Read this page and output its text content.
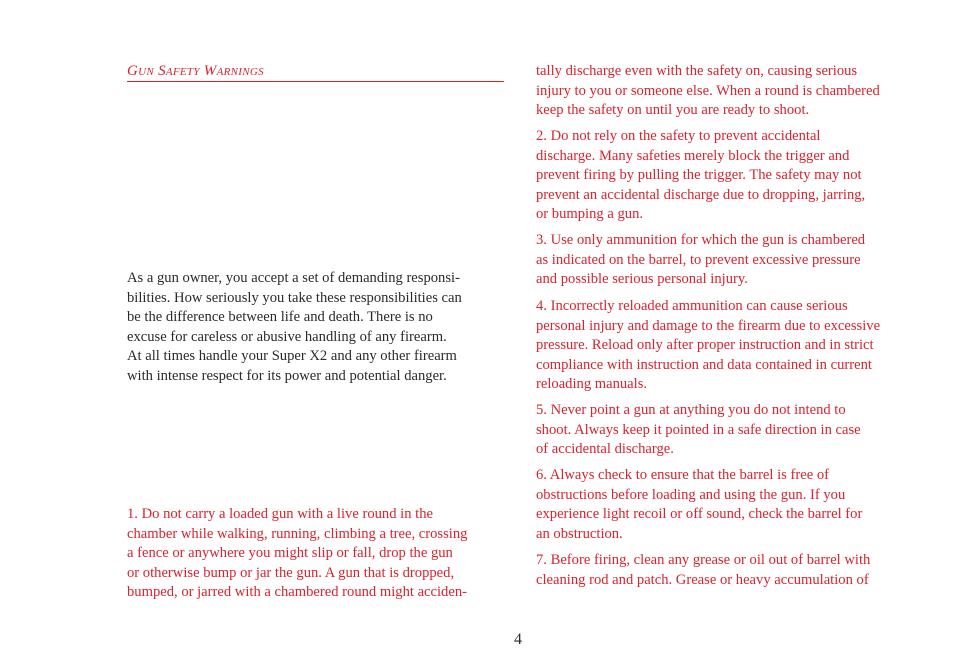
Gun Safety Warnings

As a gun owner, you accept a set of demanding responsi-
bilities. How seriously you take these responsibilities can
be the difference between life and death. There is no
excuse for careless or abusive handling of any firearm.
At all times handle your Super X2 and any other firearm
with intense respect for its power and potential danger.

1. Do not carry a loaded gun with a live round in the
chamber while walking, running, climbing a tree, crossing
a fence or anywhere you might slip or fall, drop the gun
or otherwise bump or jar the gun. A gun that is dropped,
bumped, or jarred with a chambered round might acciden-

tally discharge even with the safety on, causing serious
injury to you or someone else. When a round is chambered
keep the safety on until you are ready to shoot.

2. Do not rely on the safety to prevent accidental
discharge. Many safeties merely block the trigger and
prevent firing by pulling the trigger. The safety may not
prevent an accidental discharge due to dropping, jarring,
or bumping a gun.

3. Use only ammunition for which the gun is chambered
as indicated on the barrel, to prevent excessive pressure
and possible serious personal injury.

4. Incorrectly reloaded ammunition can cause serious
personal injury and damage to the firearm due to excessive
pressure. Reload only after proper instruction and in strict
compliance with instruction and data contained in current
reloading manuals.

5. Never point a gun at anything you do not intend to
shoot. Always keep it pointed in a safe direction in case
of accidental discharge.

6. Always check to ensure that the barrel is free of
obstructions before loading and using the gun. If you
experience light recoil or off sound, check the barrel for
an obstruction.

7. Before firing, clean any grease or oil out of barrel with
cleaning rod and patch. Grease or heavy accumulation of

4
